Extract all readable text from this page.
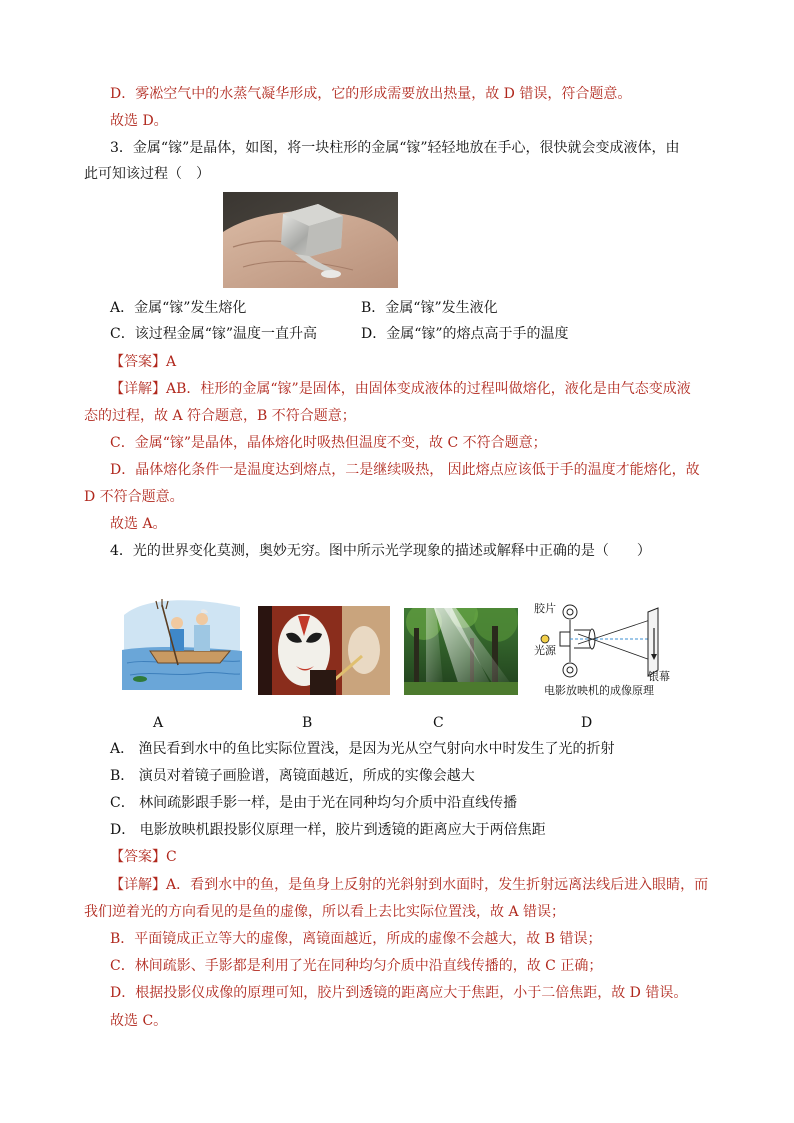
D．雾凇空气中的水蒸气凝华形成，它的形成需要放出热量，故 D 错误，符合题意。
故选 D。
3．金属“镓”是晶体，如图，将一块柱形的金属“镓”轻轻地放在手心，很快就会变成液体，由
此可知该过程（　）
A．金属“镓”发生熔化	B．金属“镓”发生液化
C．该过程金属“镓”温度一直升高	D．金属“镓”的熔点高于手的温度
【答案】A
【详解】AB．柱形的金属“镓”是固体，由固体变成液体的过程叫做熔化，液化是由气态变成液
态的过程，故 A 符合题意，B 不符合题意；
C．金属“镓”是晶体，晶体熔化时吸热但温度不变，故 C 不符合题意；
D．晶体熔化条件一是温度达到熔点，二是继续吸热， 因此熔点应该低于手的温度才能熔化，故
D 不符合题意。
故选 A。
4．光的世界变化莫测，奥妙无穷。图中所示光学现象的描述或解释中正确的是（　　）
胶片
光源
银幕
电影放映机的成像原理
A	B	C	D
A． 渔民看到水中的鱼比实际位置浅，是因为光从空气射向水中时发生了光的折射
B． 演员对着镜子画脸谱，离镜面越近，所成的实像会越大
C． 林间疏影跟手影一样，是由于光在同种均匀介质中沿直线传播
D． 电影放映机跟投影仪原理一样，胶片到透镜的距离应大于两倍焦距
【答案】C
【详解】A．看到水中的鱼，是鱼身上反射的光斜射到水面时，发生折射远离法线后进入眼睛，而
我们逆着光的方向看见的是鱼的虚像，所以看上去比实际位置浅，故 A 错误；
B．平面镜成正立等大的虚像，离镜面越近，所成的虚像不会越大，故 B 错误；
C．林间疏影、手影都是利用了光在同种均匀介质中沿直线传播的，故 C 正确；
D．根据投影仪成像的原理可知，胶片到透镜的距离应大于焦距，小于二倍焦距，故 D 错误。
故选 C。
